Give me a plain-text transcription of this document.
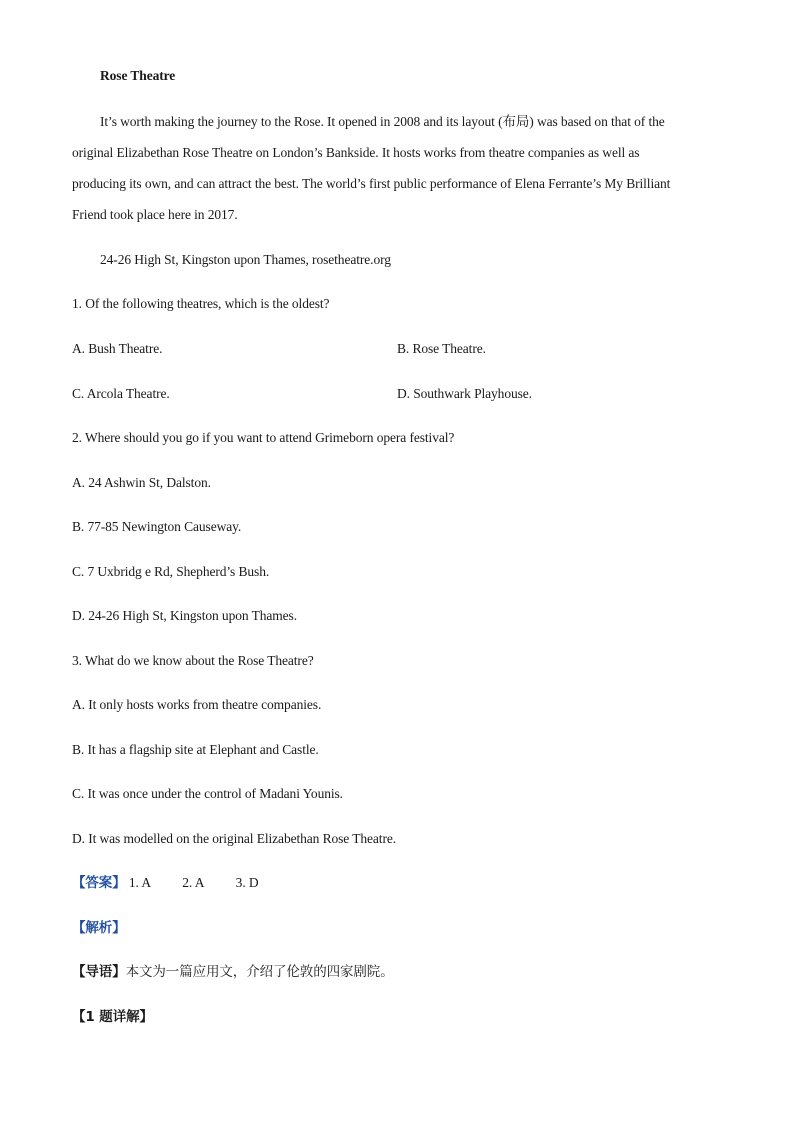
Rose Theatre
It’s worth making the journey to the Rose. It opened in 2008 and its layout (布局) was based on that of the
original Elizabethan Rose Theatre on London’s Bankside. It hosts works from theatre companies as well as
producing its own, and can attract the best. The world’s first public performance of Elena Ferrante’s My Brilliant
Friend took place here in 2017.
24-26 High St, Kingston upon Thames, rosetheatre.org
1. Of the following theatres, which is the oldest?
A. Bush Theatre.	B. Rose Theatre.
C. Arcola Theatre.	D. Southwark Playhouse.
2. Where should you go if you want to attend Grimeborn opera festival?
A. 24 Ashwin St, Dalston.
B. 77-85 Newington Causeway.
C. 7 Uxbridg e Rd, Shepherd’s Bush.
D. 24-26 High St, Kingston upon Thames.
3. What do we know about the Rose Theatre?
A. It only hosts works from theatre companies.
B. It has a flagship site at Elephant and Castle.
C. It was once under the control of Madani Younis.
D. It was modelled on the original Elizabethan Rose Theatre.
【答案】 1. A 2. A 3. D
【解析】
【导语】本文为一篇应用文，介绍了伦敦的四家剧院。
【1 题详解】
